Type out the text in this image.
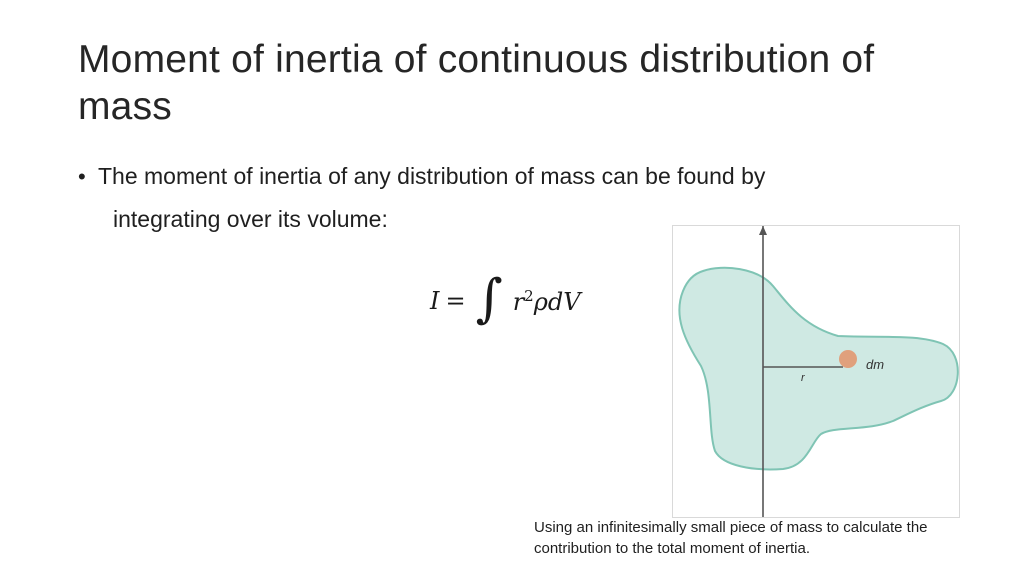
Moment of inertia of continuous distribution of mass
• The moment of inertia of any distribution of mass can be found by
integrating over its volume:
I = ∫ $r^2\rho dV$
r
dm
Using an infinitesimally small piece of mass to calculate the contribution to the total moment of inertia.
